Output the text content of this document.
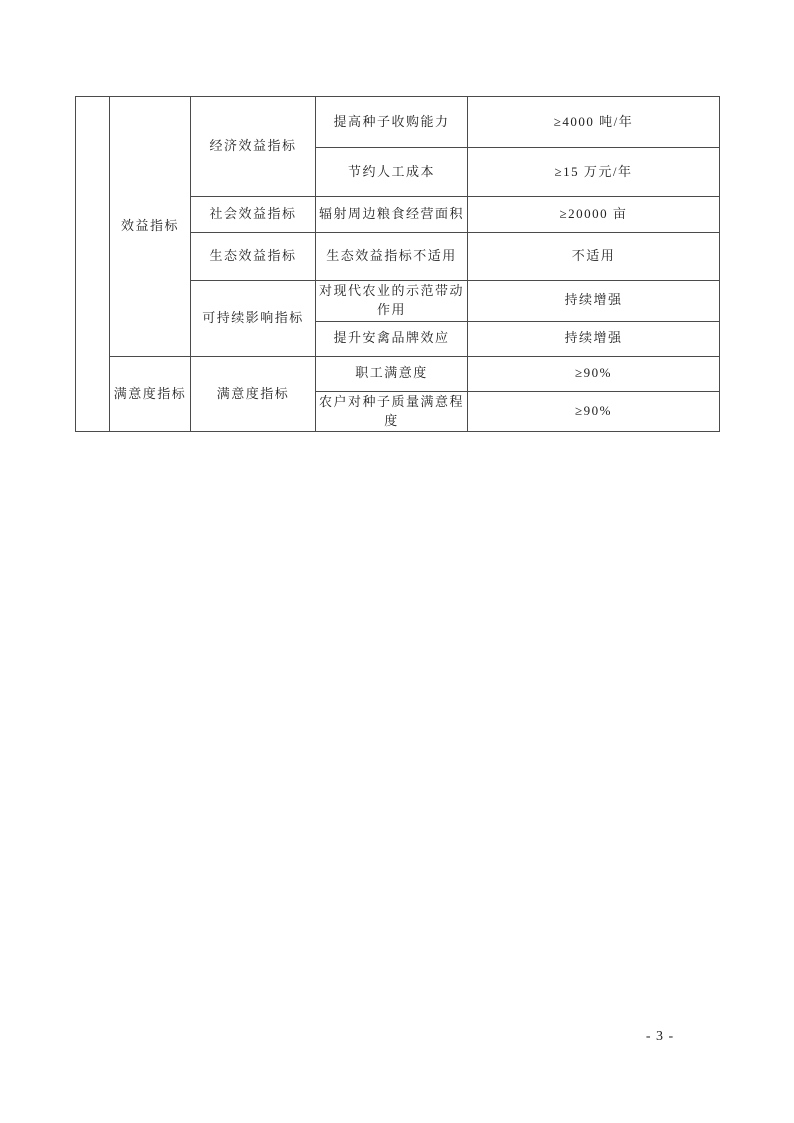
	效益指标	经济效益指标	提高种子收购能力	≥4000 吨/年
			节约人工成本	≥15 万元/年
		社会效益指标	辐射周边粮食经营面积	≥20000 亩
		生态效益指标	生态效益指标不适用	不适用
		可持续影响指标	对现代农业的示范带动作用	持续增强
			提升安禽品牌效应	持续增强
	满意度指标	满意度指标	职工满意度	≥90%
			农户对种子质量满意程度	≥90%
- 3 -
